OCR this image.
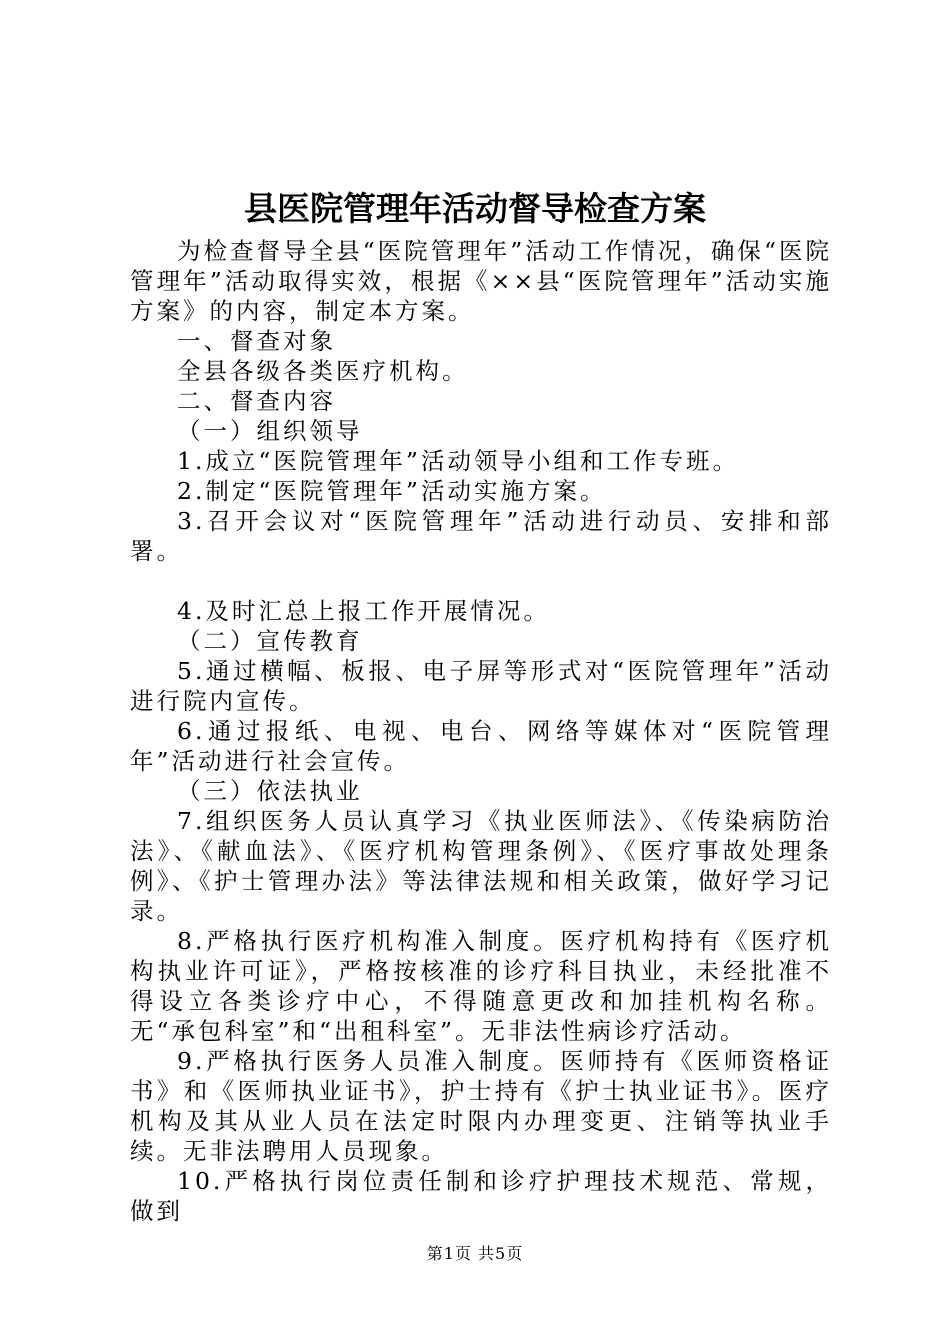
县医院管理年活动督导检查方案

为检查督导全县“医院管理年”活动工作情况，确保“医院管理年”活动取得实效，根据《××县“医院管理年”活动实施方案》的内容，制定本方案。

一、督查对象

全县各级各类医疗机构。

二、督查内容

（一）组织领导

1.成立“医院管理年”活动领导小组和工作专班。

2.制定“医院管理年”活动实施方案。

3.召开会议对“医院管理年”活动进行动员、安排和部署。

4.及时汇总上报工作开展情况。

（二）宣传教育

5.通过横幅、板报、电子屏等形式对“医院管理年”活动进行院内宣传。

6.通过报纸、电视、电台、网络等媒体对“医院管理年”活动进行社会宣传。

（三）依法执业

7.组织医务人员认真学习《执业医师法》、《传染病防治法》、《献血法》、《医疗机构管理条例》、《医疗事故处理条例》、《护士管理办法》等法律法规和相关政策，做好学习记录。

8.严格执行医疗机构准入制度。医疗机构持有《医疗机构执业许可证》，严格按核准的诊疗科目执业，未经批准不得设立各类诊疗中心，不得随意更改和加挂机构名称。无“承包科室”和“出租科室”。无非法性病诊疗活动。

9.严格执行医务人员准入制度。医师持有《医师资格证书》和《医师执业证书》，护士持有《护士执业证书》。医疗机构及其从业人员在法定时限内办理变更、注销等执业手续。无非法聘用人员现象。

10.严格执行岗位责任制和诊疗护理技术规范、常规，做到

第1页 共5页
